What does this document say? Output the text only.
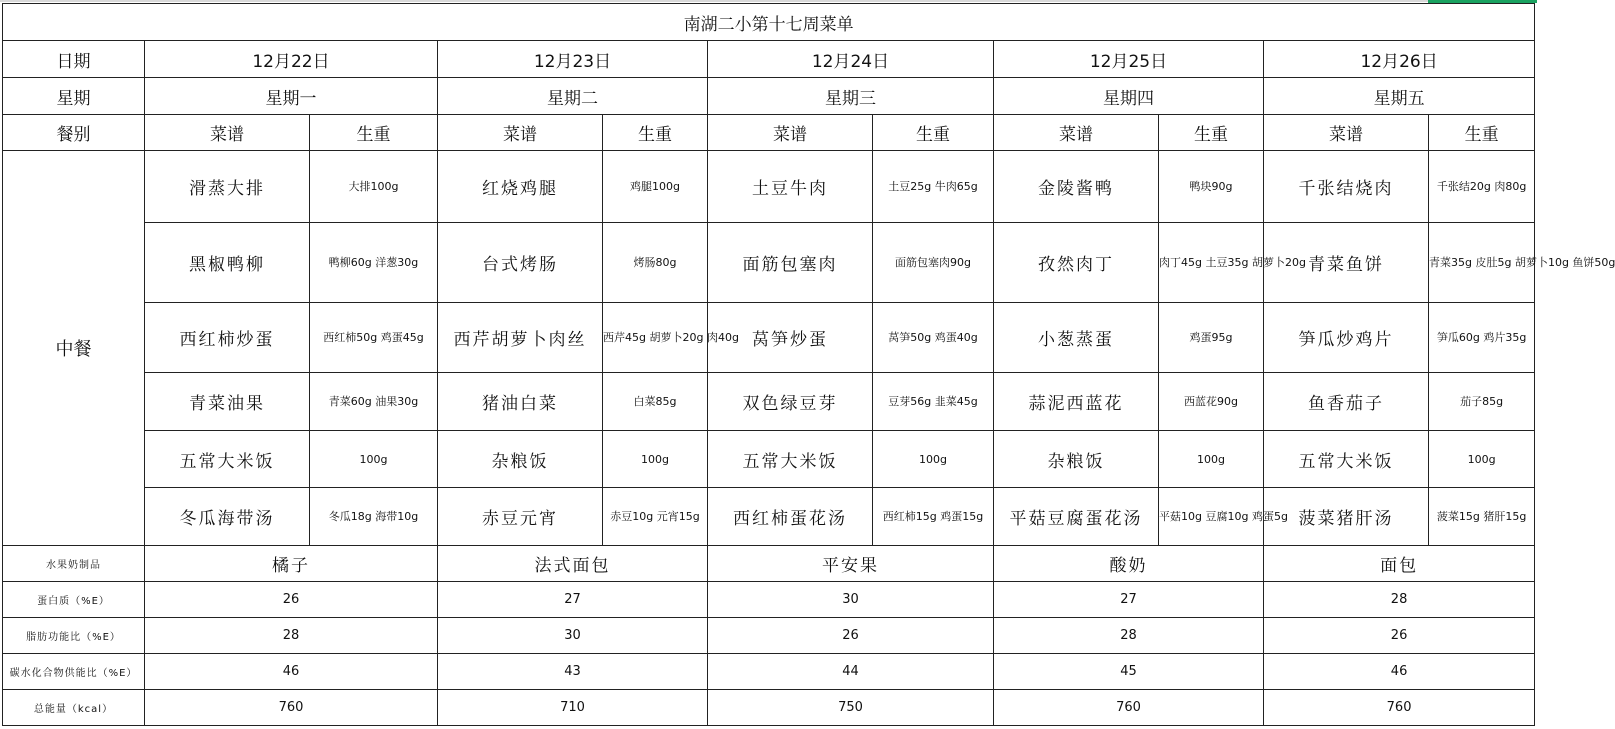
南湖二小第十七周菜单										
日期	12月22日		12月23日		12月24日		12月25日		12月26日	
星期	星期一		星期二		星期三		星期四		星期五	
餐别	菜谱	生重	菜谱	生重	菜谱	生重	菜谱	生重	菜谱	生重
中餐	滑蒸大排	大排100g	红烧鸡腿	鸡腿100g	土豆牛肉	土豆25g 牛肉65g	金陵酱鸭	鸭块90g	千张结烧肉	千张结20g 肉80g
	黑椒鸭柳	鸭柳60g 洋葱30g	台式烤肠	烤肠80g	面筋包塞肉	面筋包塞肉90g	孜然肉丁	肉丁45g 土豆35g 胡萝卜20g	青菜鱼饼	青菜35g 皮肚5g 胡萝卜10g 鱼饼50g
	西红柿炒蛋	西红柿50g 鸡蛋45g	西芹胡萝卜肉丝	西芹45g 胡萝卜20g 肉40g	莴笋炒蛋	莴笋50g 鸡蛋40g	小葱蒸蛋	鸡蛋95g	笋瓜炒鸡片	笋瓜60g 鸡片35g
	青菜油果	青菜60g 油果30g	猪油白菜	白菜85g	双色绿豆芽	豆芽56g 韭菜45g	蒜泥西蓝花	西蓝花90g	鱼香茄子	茄子85g
	五常大米饭	100g	杂粮饭	100g	五常大米饭	100g	杂粮饭	100g	五常大米饭	100g
	冬瓜海带汤	冬瓜18g 海带10g	赤豆元宵	赤豆10g 元宵15g	西红柿蛋花汤	西红柿15g 鸡蛋15g	平菇豆腐蛋花汤	平菇10g 豆腐10g 鸡蛋5g	菠菜猪肝汤	菠菜15g 猪肝15g
水果奶制品	橘子		法式面包		平安果		酸奶		面包	
蛋白质（%E）	26		27		30		27		28	
脂肪功能比（%E）	28		30		26		28		26	
碳水化合物供能比（%E）	46		43		44		45		46	
总能量（kcal）	760		710		750		760		760	
